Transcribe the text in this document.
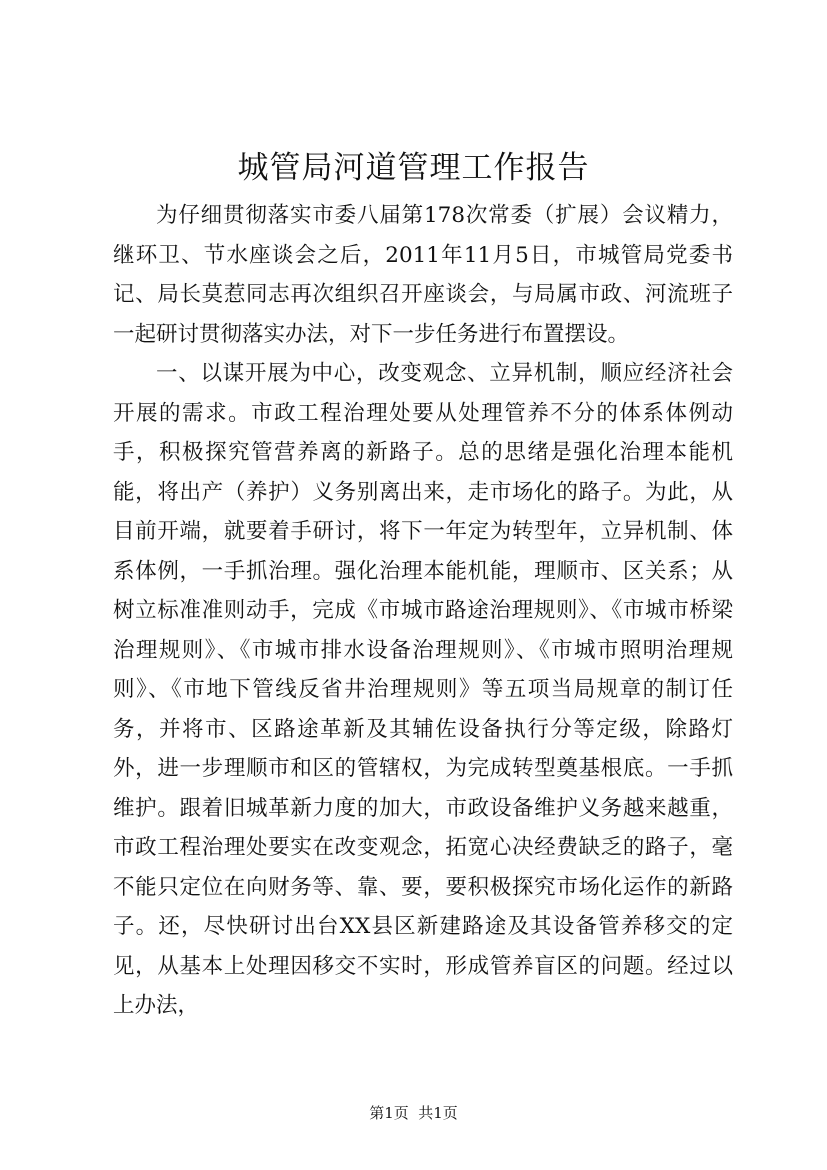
城管局河道管理工作报告

为仔细贯彻落实市委八届第178次常委（扩展）会议精力，继环卫、节水座谈会之后，2011年11月5日，市城管局党委书记、局长莫惹同志再次组织召开座谈会，与局属市政、河流班子一起研讨贯彻落实办法，对下一步任务进行布置摆设。

一、以谋开展为中心，改变观念、立异机制，顺应经济社会开展的需求。市政工程治理处要从处理管养不分的体系体例动手，积极探究管营养离的新路子。总的思绪是强化治理本能机能，将出产（养护）义务别离出来，走市场化的路子。为此，从目前开端，就要着手研讨，将下一年定为转型年，立异机制、体系体例，一手抓治理。强化治理本能机能，理顺市、区关系；从树立标准准则动手，完成《市城市路途治理规则》、《市城市桥梁治理规则》、《市城市排水设备治理规则》、《市城市照明治理规则》、《市地下管线反省井治理规则》等五项当局规章的制订任务，并将市、区路途革新及其辅佐设备执行分等定级，除路灯外，进一步理顺市和区的管辖权，为完成转型奠基根底。一手抓维护。跟着旧城革新力度的加大，市政设备维护义务越来越重，市政工程治理处要实在改变观念，拓宽心决经费缺乏的路子，毫不能只定位在向财务等、靠、要，要积极探究市场化运作的新路子。还，尽快研讨出台XX县区新建路途及其设备管养移交的定见，从基本上处理因移交不实时，形成管养盲区的问题。经过以上办法，

第1页  共1页
